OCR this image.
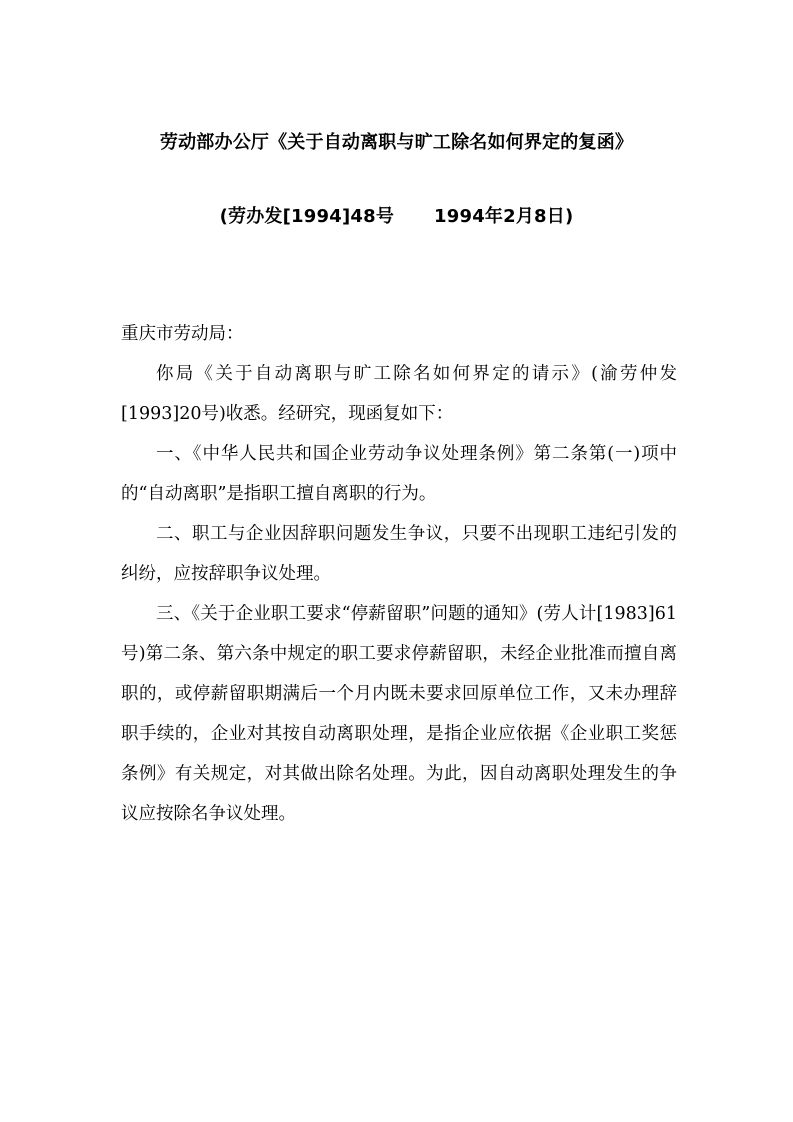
劳动部办公厅《关于自动离职与旷工除名如何界定的复函》
(劳办发[1994]48号 1994年2月8日)

重庆市劳动局：

你局《关于自动离职与旷工除名如何界定的请示》(渝劳仲发[1993]20号)收悉。经研究，现函复如下：

一、《中华人民共和国企业劳动争议处理条例》第二条第(一)项中的“自动离职”是指职工擅自离职的行为。

二、职工与企业因辞职问题发生争议，只要不出现职工违纪引发的纠纷，应按辞职争议处理。

三、《关于企业职工要求“停薪留职”问题的通知》(劳人计[1983]61号)第二条、第六条中规定的职工要求停薪留职，未经企业批准而擅自离职的，或停薪留职期满后一个月内既未要求回原单位工作，又未办理辞职手续的，企业对其按自动离职处理，是指企业应依据《企业职工奖惩条例》有关规定，对其做出除名处理。为此，因自动离职处理发生的争议应按除名争议处理。
